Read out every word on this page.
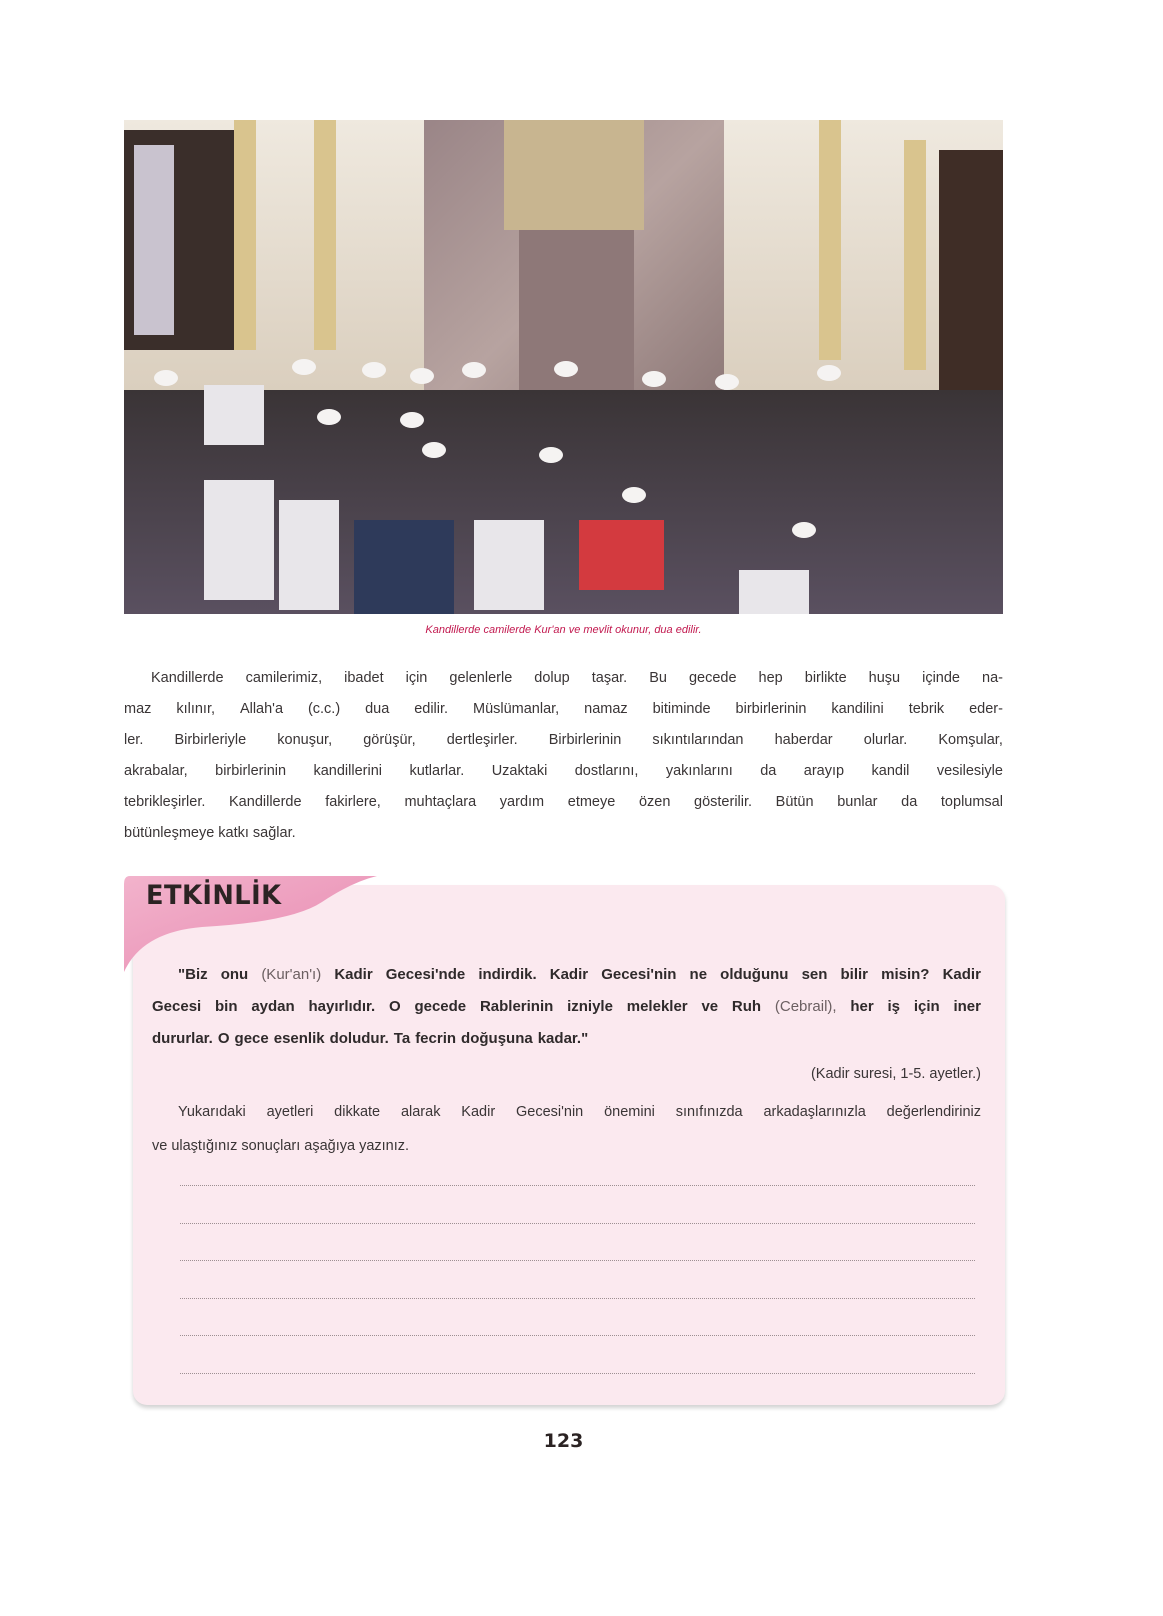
Kandillerde camilerde Kur'an ve mevlit okunur, dua edilir.
Kandillerde camilerimiz, ibadet için gelenlerle dolup taşar. Bu gecede hep birlikte huşu içinde na-
maz kılınır, Allah'a (c.c.) dua edilir. Müslümanlar, namaz bitiminde birbirlerinin kandilini tebrik eder-
ler. Birbirleriyle konuşur, görüşür, dertleşirler. Birbirlerinin sıkıntılarından haberdar olurlar. Komşular,
akrabalar, birbirlerinin kandillerini kutlarlar. Uzaktaki dostlarını, yakınlarını da arayıp kandil vesilesiyle
tebrikleşirler. Kandillerde fakirlere, muhtaçlara yardım etmeye özen gösterilir. Bütün bunlar da toplumsal
bütünleşmeye katkı sağlar.
ETKİNLİK
"Biz onu (Kur'an'ı) Kadir Gecesi'nde indirdik. Kadir Gecesi'nin ne olduğunu sen bilir misin? Kadir
Gecesi bin aydan hayırlıdır. O gecede Rablerinin izniyle melekler ve Ruh (Cebrail), her iş için iner
dururlar. O gece esenlik doludur. Ta fecrin doğuşuna kadar."
(Kadir suresi, 1-5. ayetler.)
Yukarıdaki ayetleri dikkate alarak Kadir Gecesi'nin önemini sınıfınızda arkadaşlarınızla değerlendiriniz
ve ulaştığınız sonuçları aşağıya yazınız.
123
